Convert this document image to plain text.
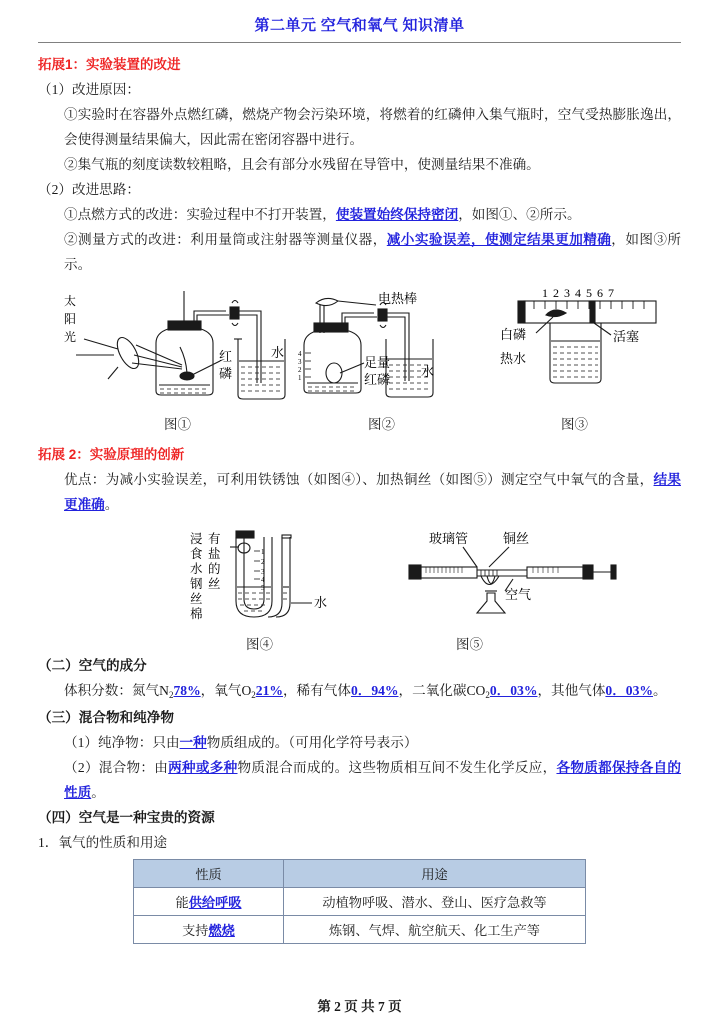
第二单元 空气和氧气 知识清单
拓展1：实验装置的改进

（1）改进原因：

①实验时在容器外点燃红磷，燃烧产物会污染环境，将燃着的红磷伸入集气瓶时，空气受热膨胀逸出，会使得测量结果偏大，因此需在密闭容器中进行。

②集气瓶的刻度读数较粗略，且会有部分水残留在导管中，使测量结果不准确。

（2）改进思路：

①点燃方式的改进：实验过程中不打开装置，使装置始终保持密闭，如图①、②所示。

②测量方式的改进：利用量筒或注射器等测量仪器，减小实验误差，使测定结果更加精确，如图③所示。

太
阳
光
红
磷
水 4
3
2
1
电热棒
足量
红磷
水
1 2 3 4 5 6 7
白磷
热水
活塞
图①	图②	图③
拓展 2：实验原理的创新

优点：为减小实验误差，可利用铁锈蚀（如图④）、加热铜丝（如图⑤）测定空气中氧气的含量，结果更准确。

浸
食
水
钢
丝
有
盐
的
丝
棉
1
2
3
4
5
水
玻璃管	铜丝
空气
图④	图⑤
（二）空气的成分

体积分数：氮气$N_278\%$，氧气$O_221\%$，稀有气体0．94%，二氧化碳$CO_20$．03%，其他气体0．03%。

（三）混合物和纯净物

（1）纯净物：只由一种物质组成的。（可用化学符号表示）

（2）混合物：由两种或多种物质混合而成的。这些物质相互间不发生化学反应，各物质都保持各自的性质。

（四）空气是一种宝贵的资源
1．氧气的性质和用途
性质	用途
能供给呼吸	动植物呼吸、潜水、登山、医疗急救等
支持燃烧	炼钢、气焊、航空航天、化工生产等
第 2 页 共 7 页
